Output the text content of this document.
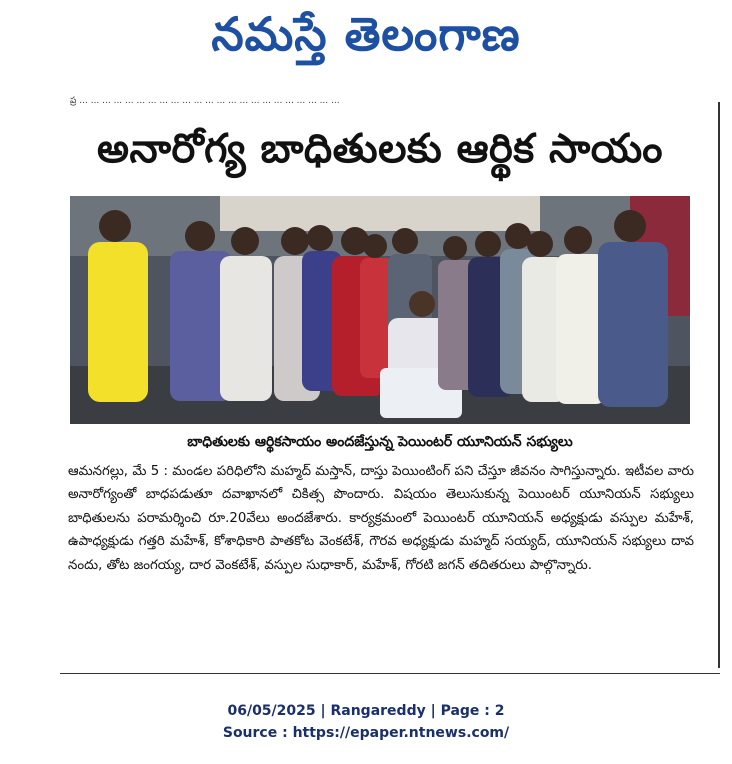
నమస్తే తెలంగాణ
ప్ర ... ... ... ... ... ... ... ... ... ... ... ... ... ... ... ... ... ... ... ... ... ... ...
అనారోగ్య బాధితులకు ఆర్థిక సాయం
బాధితులకు ఆర్థికసాయం అందజేస్తున్న పెయింటర్ యూనియన్ సభ్యులు
ఆమనగల్లు, మే 5 : మండల పరిధిలోని మహ్మద్ మస్తాన్, దాస్తు పెయింటింగ్ పని చేస్తూ జీవనం సాగిస్తున్నారు. ఇటీవల వారు అనారోగ్యంతో బాధపడుతూ దవాఖానలో చికిత్స పొందారు. విషయం తెలుసుకున్న పెయింటర్ యూనియన్ సభ్యులు బాధితులను పరామర్శించి రూ.20వేలు అందజేశారు. కార్యక్రమంలో పెయింటర్ యూనియన్ అధ్యక్షుడు వస్పుల మహేశ్, ఉపాధ్యక్షుడు గత్తరి మహేశ్, కోశాధికారి పాతకోట వెంకటేశ్, గౌరవ అధ్యక్షుడు మహ్మద్ సయ్యద్, యూనియన్ సభ్యులు దావ నందు, తోట జంగయ్య, దార వెంకటేశ్, వస్పుల సుధాకార్, మహేశ్, గోరటి జగన్ తదితరులు పాల్గొన్నారు.
06/05/2025 | Rangareddy | Page : 2
Source : https://epaper.ntnews.com/
